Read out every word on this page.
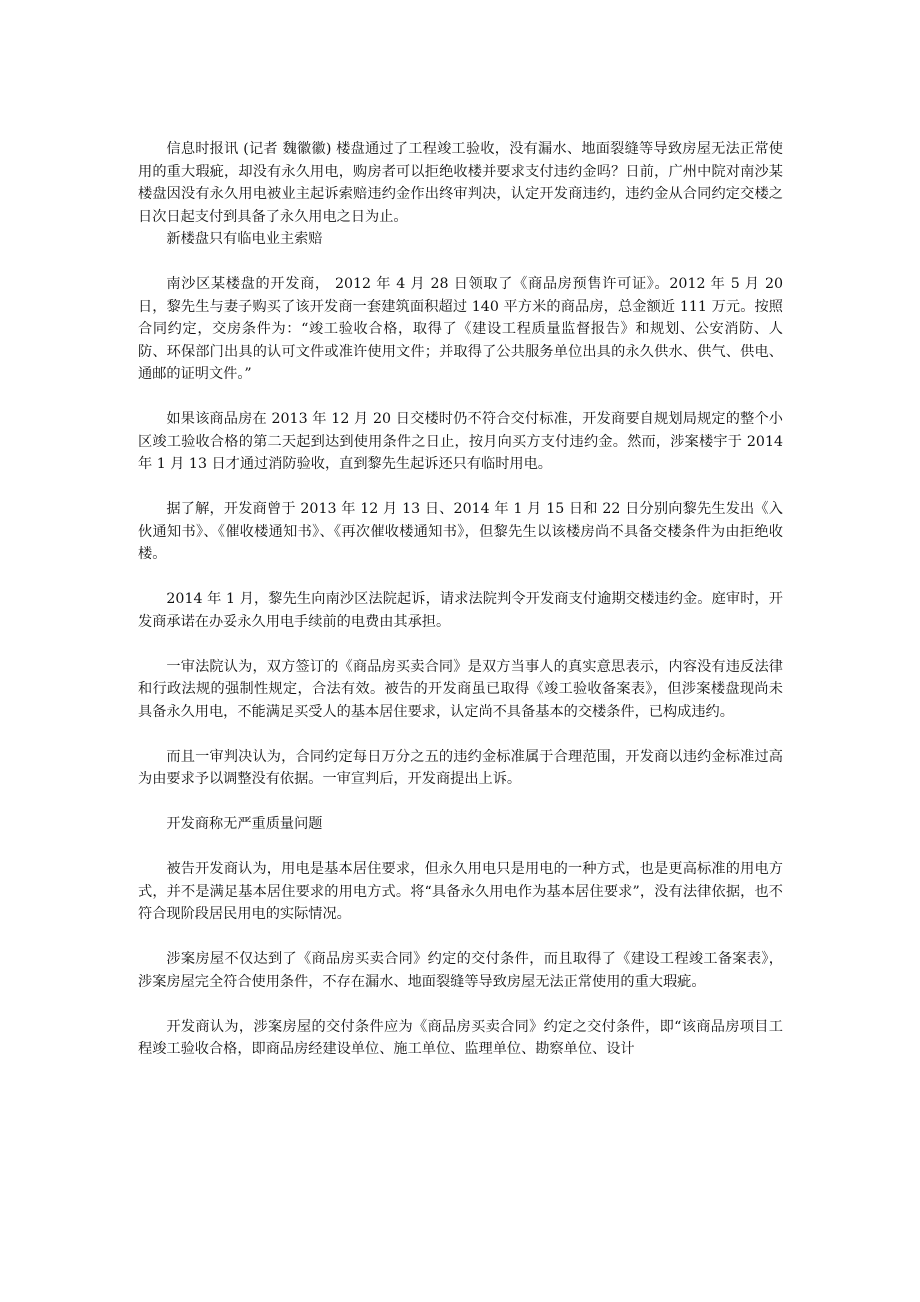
信息时报讯 (记者 魏徽徽) 楼盘通过了工程竣工验收，没有漏水、地面裂缝等导致房屋无法正常使用的重大瑕疵，却没有永久用电，购房者可以拒绝收楼并要求支付违约金吗？日前，广州中院对南沙某楼盘因没有永久用电被业主起诉索赔违约金作出终审判决，认定开发商违约，违约金从合同约定交楼之日次日起支付到具备了永久用电之日为止。

新楼盘只有临电业主索赔

南沙区某楼盘的开发商， 2012 年 4 月 28 日领取了《商品房预售许可证》。2012 年 5 月 20 日，黎先生与妻子购买了该开发商一套建筑面积超过 140 平方米的商品房，总金额近 111 万元。按照合同约定，交房条件为：“竣工验收合格，取得了《建设工程质量监督报告》和规划、公安消防、人防、环保部门出具的认可文件或准许使用文件；并取得了公共服务单位出具的永久供水、供气、供电、通邮的证明文件。”

如果该商品房在 2013 年 12 月 20 日交楼时仍不符合交付标准，开发商要自规划局规定的整个小区竣工验收合格的第二天起到达到使用条件之日止，按月向买方支付违约金。然而，涉案楼宇于 2014 年 1 月 13 日才通过消防验收，直到黎先生起诉还只有临时用电。

据了解，开发商曾于 2013 年 12 月 13 日、2014 年 1 月 15 日和 22 日分别向黎先生发出《入伙通知书》、《催收楼通知书》、《再次催收楼通知书》，但黎先生以该楼房尚不具备交楼条件为由拒绝收楼。

2014 年 1 月，黎先生向南沙区法院起诉，请求法院判令开发商支付逾期交楼违约金。庭审时，开发商承诺在办妥永久用电手续前的电费由其承担。

一审法院认为，双方签订的《商品房买卖合同》是双方当事人的真实意思表示，内容没有违反法律和行政法规的强制性规定，合法有效。被告的开发商虽已取得《竣工验收备案表》，但涉案楼盘现尚未具备永久用电，不能满足买受人的基本居住要求，认定尚不具备基本的交楼条件，已构成违约。

而且一审判决认为，合同约定每日万分之五的违约金标准属于合理范围，开发商以违约金标准过高为由要求予以调整没有依据。一审宣判后，开发商提出上诉。

开发商称无严重质量问题

被告开发商认为，用电是基本居住要求，但永久用电只是用电的一种方式，也是更高标准的用电方式，并不是满足基本居住要求的用电方式。将“具备永久用电作为基本居住要求”，没有法律依据，也不符合现阶段居民用电的实际情况。

涉案房屋不仅达到了《商品房买卖合同》约定的交付条件，而且取得了《建设工程竣工备案表》，涉案房屋完全符合使用条件，不存在漏水、地面裂缝等导致房屋无法正常使用的重大瑕疵。

开发商认为，涉案房屋的交付条件应为《商品房买卖合同》约定之交付条件，即“该商品房项目工程竣工验收合格，即商品房经建设单位、施工单位、监理单位、勘察单位、设计
